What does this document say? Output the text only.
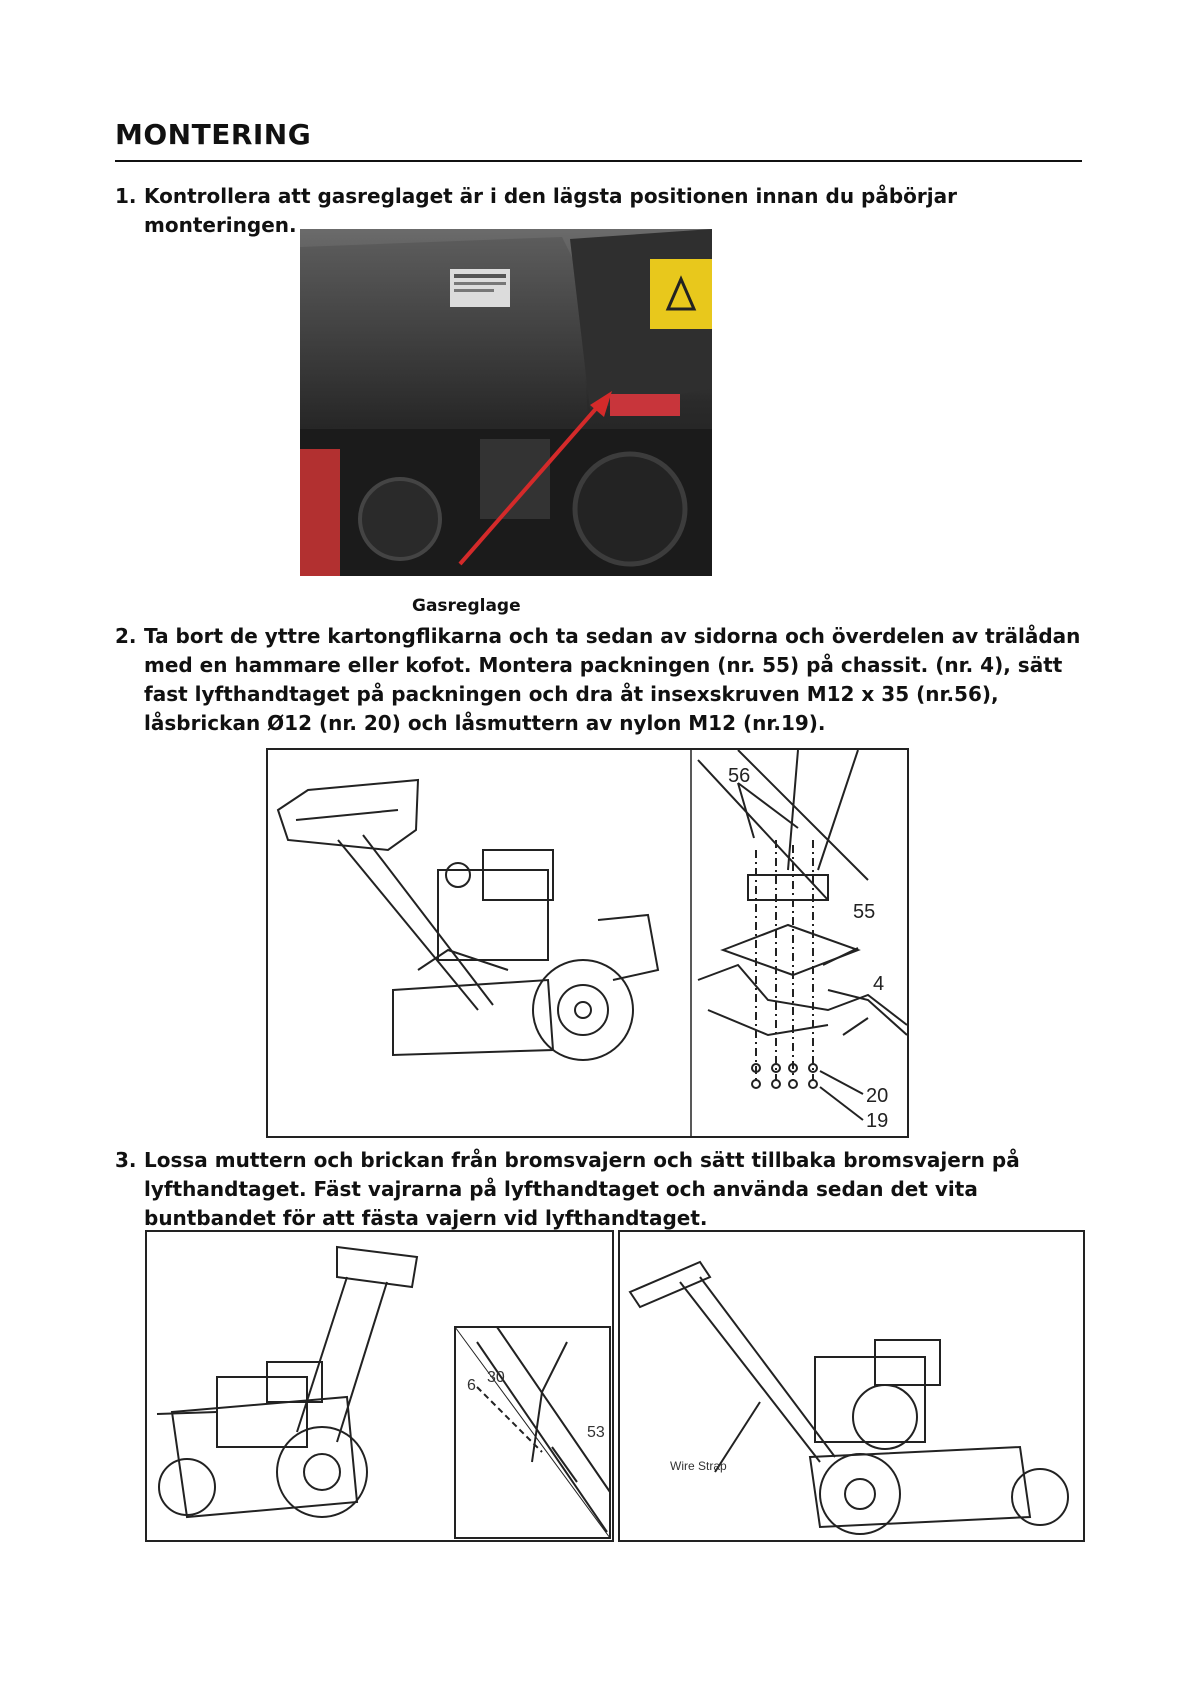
MONTERING
1. Kontrollera att gasreglaget är i den lägsta positionen innan du påbörjar monteringen.
Gasreglage
2. Ta bort de yttre kartongflikarna och ta sedan av sidorna och överdelen av trälådan med en hammare eller kofot. Montera packningen (nr. 55) på chassit. (nr. 4), sätt fast lyfthandtaget på packningen och dra åt insexskruven M12 x 35 (nr.56), låsbrickan Ø12 (nr. 20) och låsmuttern av nylon M12 (nr.19).
56
55
4
20
19
3. Lossa muttern och brickan från bromsvajern och sätt tillbaka bromsvajern på lyfthandtaget. Fäst vajrarna på lyfthandtaget och använda sedan det vita buntbandet för att fästa vajern vid lyfthandtaget.
6 30
53
Wire Strap
